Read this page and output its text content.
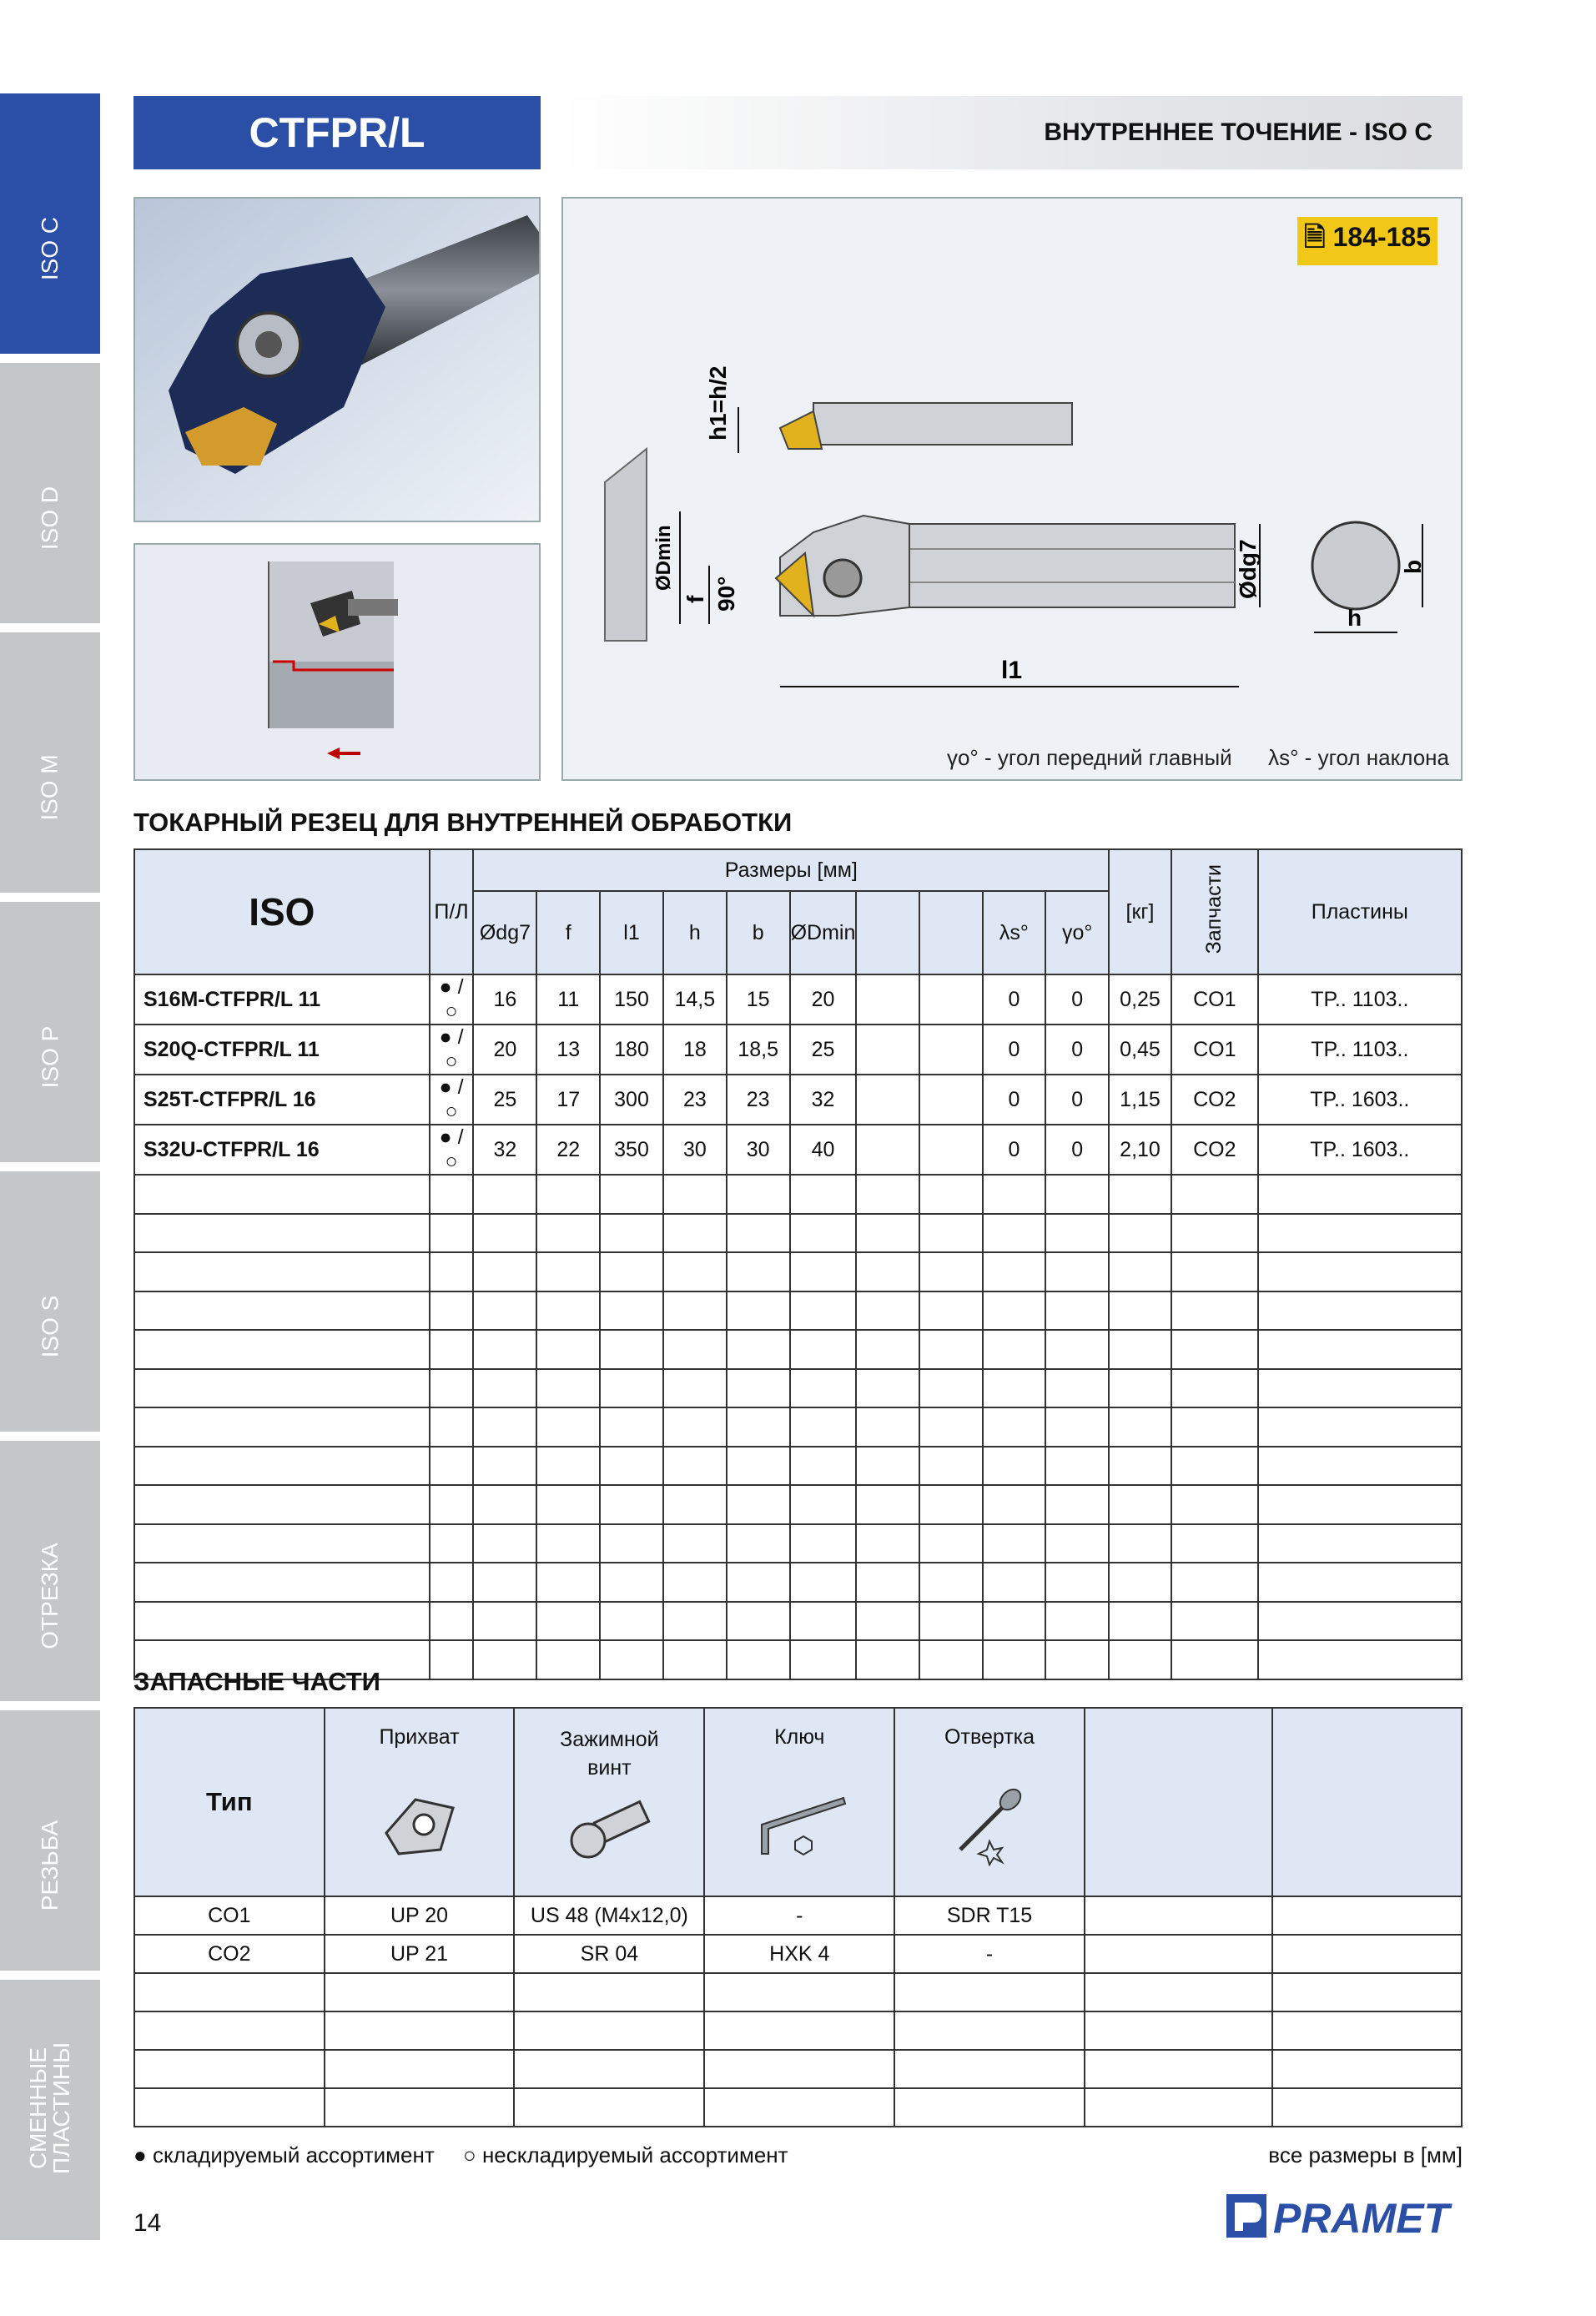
ISO C
ISO D
ISO M
ISO P
ISO S
ОТРЕЗКА
РЕЗЬБА
СМЕННЫЕ ПЛАСТИНЫ
CTFPR/L	ВНУТРЕННЕЕ ТОЧЕНИЕ - ISO C
🗎 184-185
h1=h/2
ØDmin
f 90°
l1
Ødg7	b
h
γo° - угол передний главный λs° - угол наклона
ТОКАРНЫЙ РЕЗЕЦ ДЛЯ ВНУТРЕННЕЙ ОБРАБОТКИ
ISO	П/Л	Размеры [мм]										[кг]	Запчасти	Пластины
		Ødg7	f	l1	h	b	ØDmin			λs°	γo°			
S16M-CTFPR/L 11	● / ○	16	11	150	14,5	15	20			0	0	0,25	CO1	TP.. 1103..
S20Q-CTFPR/L 11	● / ○	20	13	180	18	18,5	25			0	0	0,45	CO1	TP.. 1103..
S25T-CTFPR/L 16	● / ○	25	17	300	23	23	32			0	0	1,15	CO2	TP.. 1603..
S32U-CTFPR/L 16	● / ○	32	22	350	30	30	40			0	0	2,10	CO2	TP.. 1603..

ЗАПАСНЫЕ ЧАСТИ
Тип	Прихват	Зажимной винт	Ключ	Отвертка		

CO1	UP 20	US 48 (M4x12,0)	-	SDR T15		
CO2	UP 21	SR 04	HXK 4	-		

● складируемый ассортимент ○ нескладируемый ассортимент	все размеры в [мм]
14	PRAMET
